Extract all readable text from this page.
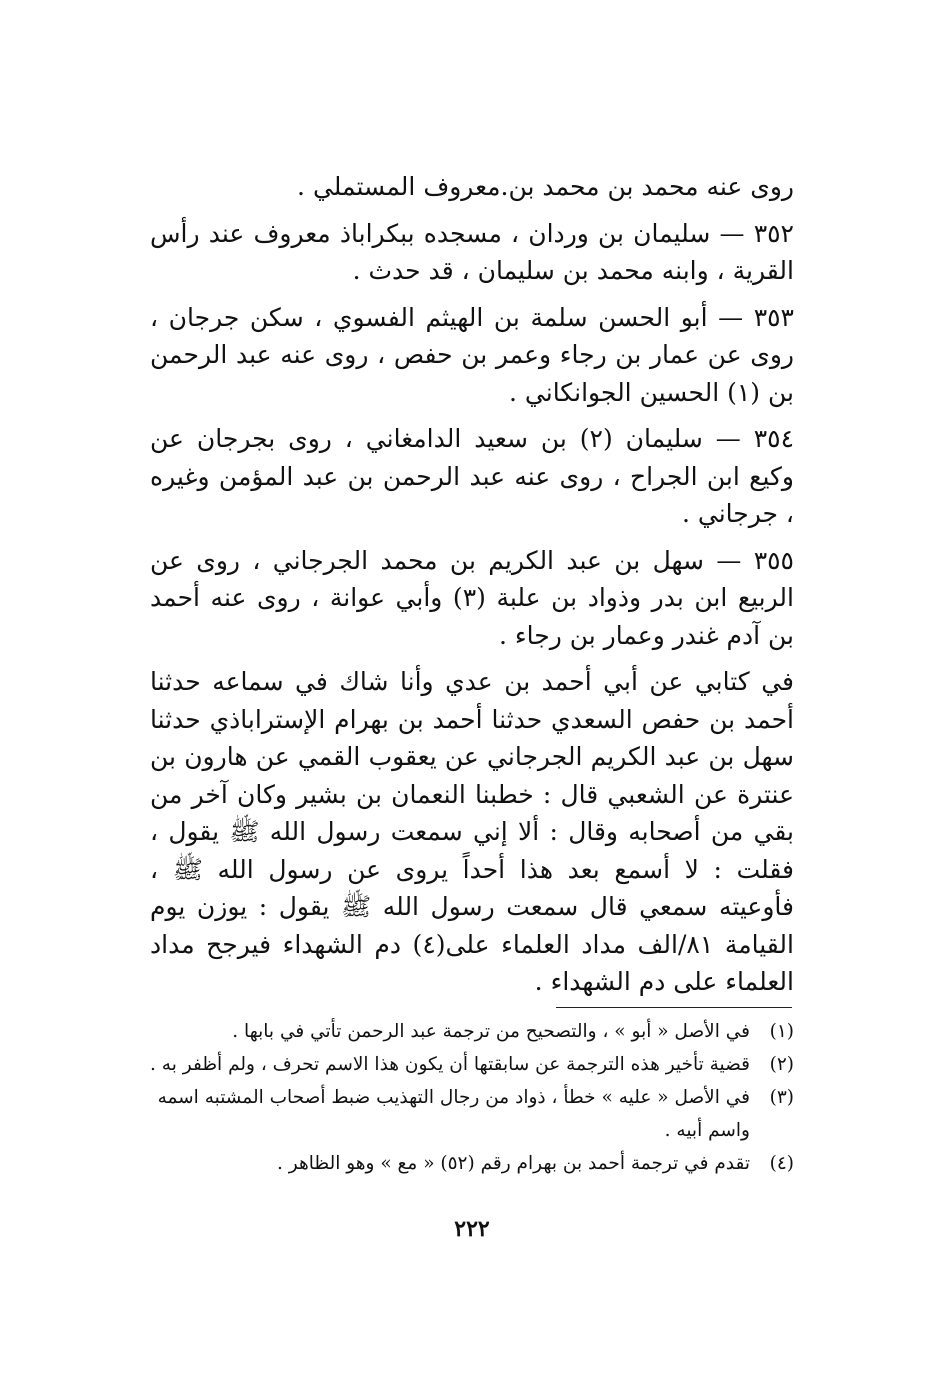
روى عنه محمد بن محمد بن.معروف المستملي .

٣٥٢ — سليمان بن وردان ، مسجده ببكراباذ معروف عند رأس القرية ، وابنه محمد بن سليمان ، قد حدث .

٣٥٣ — أبو الحسن سلمة بن الهيثم الفسوي ، سكن جرجان ، روى عن عمار بن رجاء وعمر بن حفص ، روى عنه عبد الرحمن بن (١) الحسين الجوانكاني .

٣٥٤ — سليمان (٢) بن سعيد الدامغاني ، روى بجرجان عن وكيع ابن الجراح ، روى عنه عبد الرحمن بن عبد المؤمن وغيره ، جرجاني .

٣٥٥ — سهل بن عبد الكريم بن محمد الجرجاني ، روى عن الربيع ابن بدر وذواد بن علبة (٣) وأبي عوانة ، روى عنه أحمد بن آدم غندر وعمار بن رجاء .

في كتابي عن أبي أحمد بن عدي وأنا شاك في سماعه حدثنا أحمد بن حفص السعدي حدثنا أحمد بن بهرام الإستراباذي حدثنا سهل بن عبد الكريم الجرجاني عن يعقوب القمي عن هارون بن عنترة عن الشعبي قال : خطبنا النعمان بن بشير وكان آخر من بقي من أصحابه وقال : ألا إني سمعت رسول الله ﷺ يقول ، فقلت : لا أسمع بعد هذا أحداً يروى عن رسول الله ﷺ ، فأوعيته سمعي قال سمعت رسول الله ﷺ يقول : يوزن يوم القيامة ٨١/الف مداد العلماء على(٤) دم الشهداء فيرجح مداد العلماء على دم الشهداء .

(١)
في الأصل « أبو » ، والتصحيح من ترجمة عبد الرحمن تأتي في بابها .
(٢)
قضية تأخير هذه الترجمة عن سابقتها أن يكون هذا الاسم تحرف ، ولم أظفر به .
(٣)
في الأصل « عليه » خطأ ، ذواد من رجال التهذيب ضبط أصحاب المشتبه اسمه واسم أبيه .
(٤)
تقدم في ترجمة أحمد بن بهرام رقم (٥٢) « مع » وهو الظاهر .
٢٢٢
